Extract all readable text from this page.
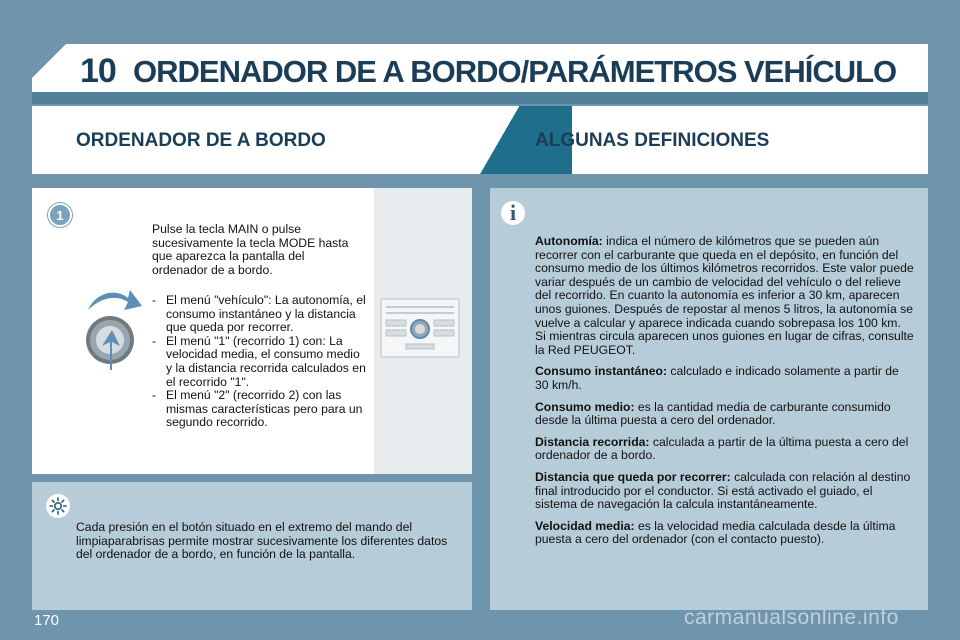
10 ORDENADOR DE A BORDO/PARÁMETROS VEHÍCULO
ORDENADOR DE A BORDO	ALGUNAS DEFINICIONES
1
Pulse la tecla MAIN o pulse sucesivamente la tecla MODE hasta que aparezca la pantalla del ordenador de a bordo.
- El menú "vehículo": La autonomía, el consumo instantáneo y la distancia que queda por recorrer.
- El menú "1" (recorrido 1) con: La velocidad media, el consumo medio y la distancia recorrida calculados en el recorrido "1".
- El menú "2" (recorrido 2) con las mismas características pero para un segundo recorrido.
Cada presión en el botón situado en el extremo del mando del limpiaparabrisas permite mostrar sucesivamente los diferentes datos del ordenador de a bordo, en función de la pantalla.
i

Autonomía: indica el número de kilómetros que se pueden aún recorrer con el carburante que queda en el depósito, en función del consumo medio de los últimos kilómetros recorridos. Este valor puede variar después de un cambio de velocidad del vehículo o del relieve del recorrido. En cuanto la autonomía es inferior a 30 km, aparecen unos guiones. Después de repostar al menos 5 litros, la autonomía se vuelve a calcular y aparece indicada cuando sobrepasa los 100 km. Si mientras circula aparecen unos guiones en lugar de cifras, consulte la Red PEUGEOT.

Consumo instantáneo: calculado e indicado solamente a partir de 30 km/h.

Consumo medio: es la cantidad media de carburante consumido desde la última puesta a cero del ordenador.

Distancia recorrida: calculada a partir de la última puesta a cero del ordenador de a bordo.

Distancia que queda por recorrer: calculada con relación al destino final introducido por el conductor. Si está activado el guiado, el sistema de navegación la calcula instantáneamente.

Velocidad media: es la velocidad media calculada desde la última puesta a cero del ordenador (con el contacto puesto).

170	carmanualsonline.info
